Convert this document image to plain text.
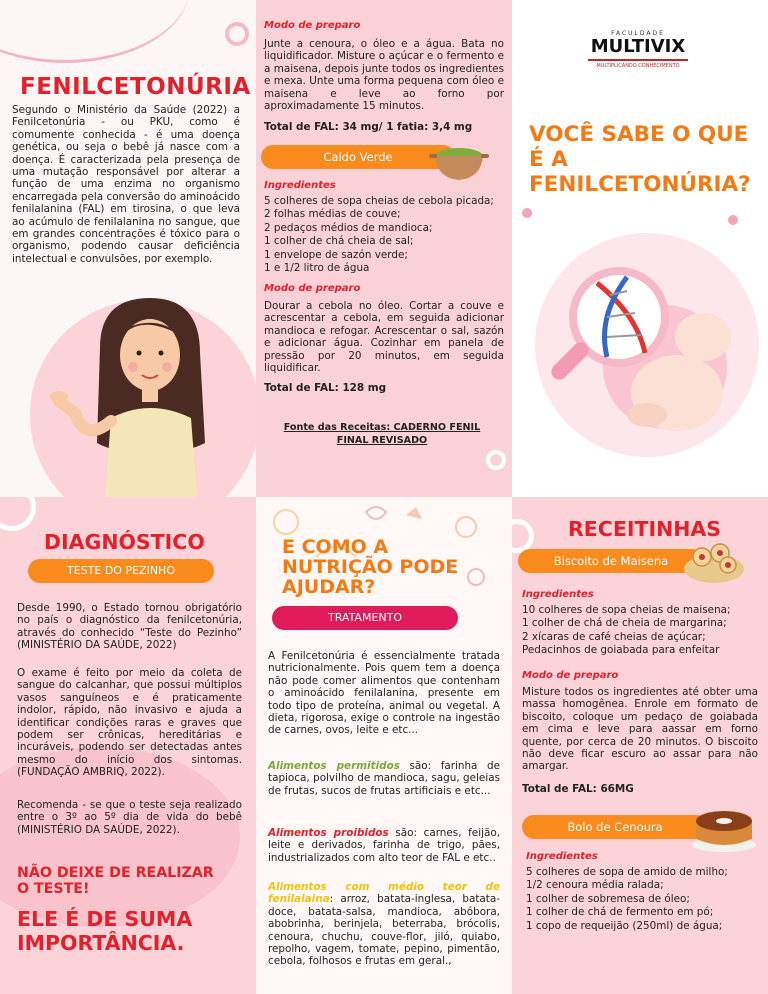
FENILCETONÚRIA
Segundo o Ministério da Saúde (2022) a Fenilcetonúria - ou PKU, como é comumente conhecida - é uma doença genética, ou seja o bebê já nasce com a doença. É caracterizada pela presença de uma mutação responsável por alterar a função de uma enzima no organismo encarregada pela conversão do aminoácido fenilalanina (FAL) em tirosina, o que leva ao acúmulo de fenilalanina no sangue, que em grandes concentrações é tóxico para o organismo, podendo causar deficiência intelectual e convulsões, por exemplo.
Modo de preparo
Junte a cenoura, o óleo e a água. Bata no liquidificador. Misture o açúcar e o fermento e a maisena, depois junte todos os ingredientes e mexa. Unte uma forma pequena com óleo e maisena e leve ao forno por aproximadamente 15 minutos.
Total de FAL: 34 mg/ 1 fatia: 3,4 mg
Caldo Verde
Ingredientes
5 colheres de sopa cheias de cebola picada;
2 folhas médias de couve;
2 pedaços médios de mandioca;
1 colher de chá cheia de sal;
1 envelope de sazón verde;
1 e 1/2 litro de água
Modo de preparo
Dourar a cebola no óleo. Cortar a couve e acrescentar a cebola, em seguida adicionar mandioca e refogar. Acrescentar o sal, sazón e adicionar água. Cozinhar em panela de pressão por 20 minutos, em seguida liquidificar.
Total de FAL: 128 mg
Fonte das Receitas: CADERNO FENIL FINAL REVISADO
FACULDADE
MULTIVIX
MULTIPLICANDO CONHECIMENTO
VOCÊ SABE O QUE É A FENILCETONÚRIA?
DIAGNÓSTICO
TESTE DO PEZINHO
Desde 1990, o Estado tornou obrigatório no país o diagnóstico da fenilcetonúria, através do conhecido “Teste do Pezinho” (MINISTÉRIO DA SAÚDE, 2022)
O exame é feito por meio da coleta de sangue do calcanhar, que possui múltiplos vasos sanguíneos e é praticamente indolor, rápido, não invasivo e ajuda a identificar condições raras e graves que podem ser crônicas, hereditárias e incuráveis, podendo ser detectadas antes mesmo do início dos sintomas. (FUNDAÇÃO AMBRIQ, 2022).
Recomenda - se que o teste seja realizado entre o 3º ao 5º dia de vida do bebê (MINISTÉRIO DA SAÚDE, 2022).
NÃO DEIXE DE REALIZAR O TESTE!
ELE É DE SUMA IMPORTÂNCIA.
E COMO A NUTRIÇÃO PODE AJUDAR?
TRATAMENTO
A Fenilcetonúria é essencialmente tratada nutricionalmente. Pois quem tem a doença não pode comer alimentos que contenham o aminoácido fenilalanina, presente em todo tipo de proteína, animal ou vegetal. A dieta, rigorosa, exige o controle na ingestão de carnes, ovos, leite e etc...
Alimentos permitidos são: farinha de tapioca, polvilho de mandioca, sagu, geleias de frutas, sucos de frutas artificiais e etc...
Alimentos proibidos são: carnes, feijão, leite e derivados, farinha de trigo, pães, industrializados com alto teor de FAL e etc..
Alimentos com médio teor de fenilalaina: arroz, batata-inglesa, batata-doce, batata-salsa, mandioca, abóbora, abobrinha, berinjela, beterraba, brócolis, cenoura, chuchu, couve-flor, jiló, quiabo, repolho, vagem, tomate, pepino, pimentão, cebola, folhosos e frutas em geral.,
RECEITINHAS
Biscoito de Maisena
Ingredientes
10 colheres de sopa cheias de maisena;
1 colher de chá de cheia de margarina;
2 xícaras de café cheias de açúcar;
Pedacinhos de goiabada para enfeitar
Modo de preparo
Misture todos os ingredientes até obter uma massa homogênea. Enrole em formato de biscoito, coloque um pedaço de goiabada em cima e leve para aassar em forno quente, por cerca de 20 minutos. O biscoito não deve ficar escuro ao assar para não amargar.
Total de FAL: 66MG
Bolo de Cenoura
Ingredientes
5 colheres de sopa de amido de milho;
1/2 cenoura média ralada;
1 colher de sobremesa de óleo;
1 colher de chá de fermento em pó;
1 copo de requeijão (250ml) de água;
